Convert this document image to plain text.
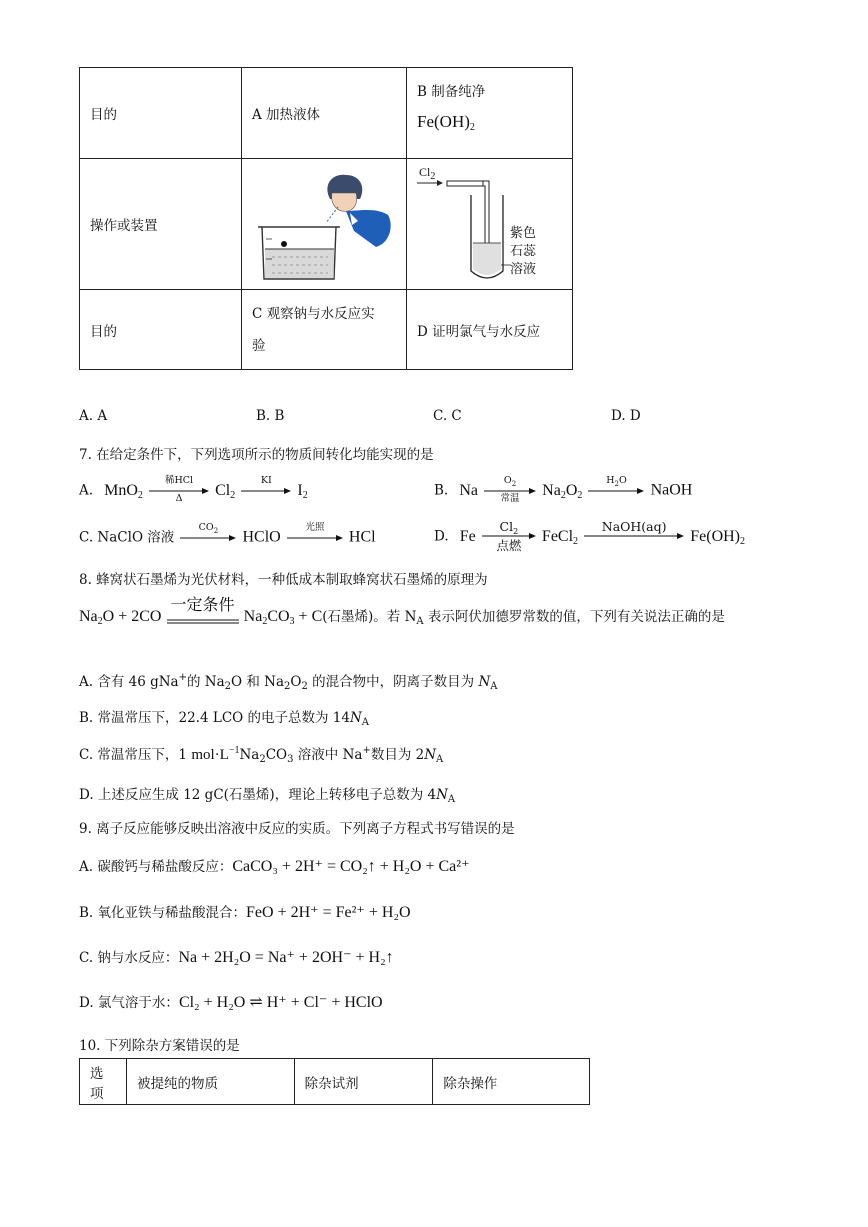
目的	A 加热液体	B 制备纯净
$Fe(OH)_2$

操作或装置		$Cl_2$
紫色
石蕊
溶液

目的	C 观察钠与水反应实
验	D 证明氯气与水反应
A. A	B. B	C. C	D. D
7. 在给定条件下，下列选项所示的物质间转化均能实现的是
A. MnO$_2$
稀HCl
Δ	$Cl_2$
KI
$I_2$	B. Na
$O_2$
常温	$Na_2O_2$
$H_2O$
NaOH
C. NaClO 溶液
$CO_2$	HClO
光照
HCl	D. Fe
$Cl_2$
点燃
FeCl$_2$
NaOH(aq)
$Fe(OH)_2$
8. 蜂窝状石墨烯为光伏材料，一种低成本制取蜂窝状石墨烯的原理为
$Na_2O + 2CO$
一定条件
$Na_2CO_3 + C$(石墨烯)。若 $N_A$ 表示阿伏加德罗常数的值，下列有关说法正确的是
A. 含有 46 gNa+的 $Na_2O$ 和 $Na_2O_2$ 的混合物中，阴离子数目为 $N_A$
B. 常温常压下，22.4 LCO 的电子总数为 $14N_A$
C. 常温常压下，1 $mol\cdot L^{-1}Na_2CO_3$ 溶液中 Na+数目为 $2N_A$
D. 上述反应生成 12 gC(石墨烯)，理论上转移电子总数为 $4N_A$
9. 离子反应能够反映出溶液中反应的实质。下列离子方程式书写错误的是
A. 碳酸钙与稀盐酸反应：CaCO₃ + 2H⁺ = CO₂↑ + H₂O + Ca²⁺
B. 氧化亚铁与稀盐酸混合：FeO + 2H⁺ = Fe²⁺ + H₂O
C. 钠与水反应：Na + 2H₂O = Na⁺ + 2OH⁻ + H₂↑
D. 氯气溶于水：Cl₂ + H₂O ⇌ H⁺ + Cl⁻ + HClO
10. 下列除杂方案错误的是
选项	被提纯的物质	除杂试剂	除杂操作
